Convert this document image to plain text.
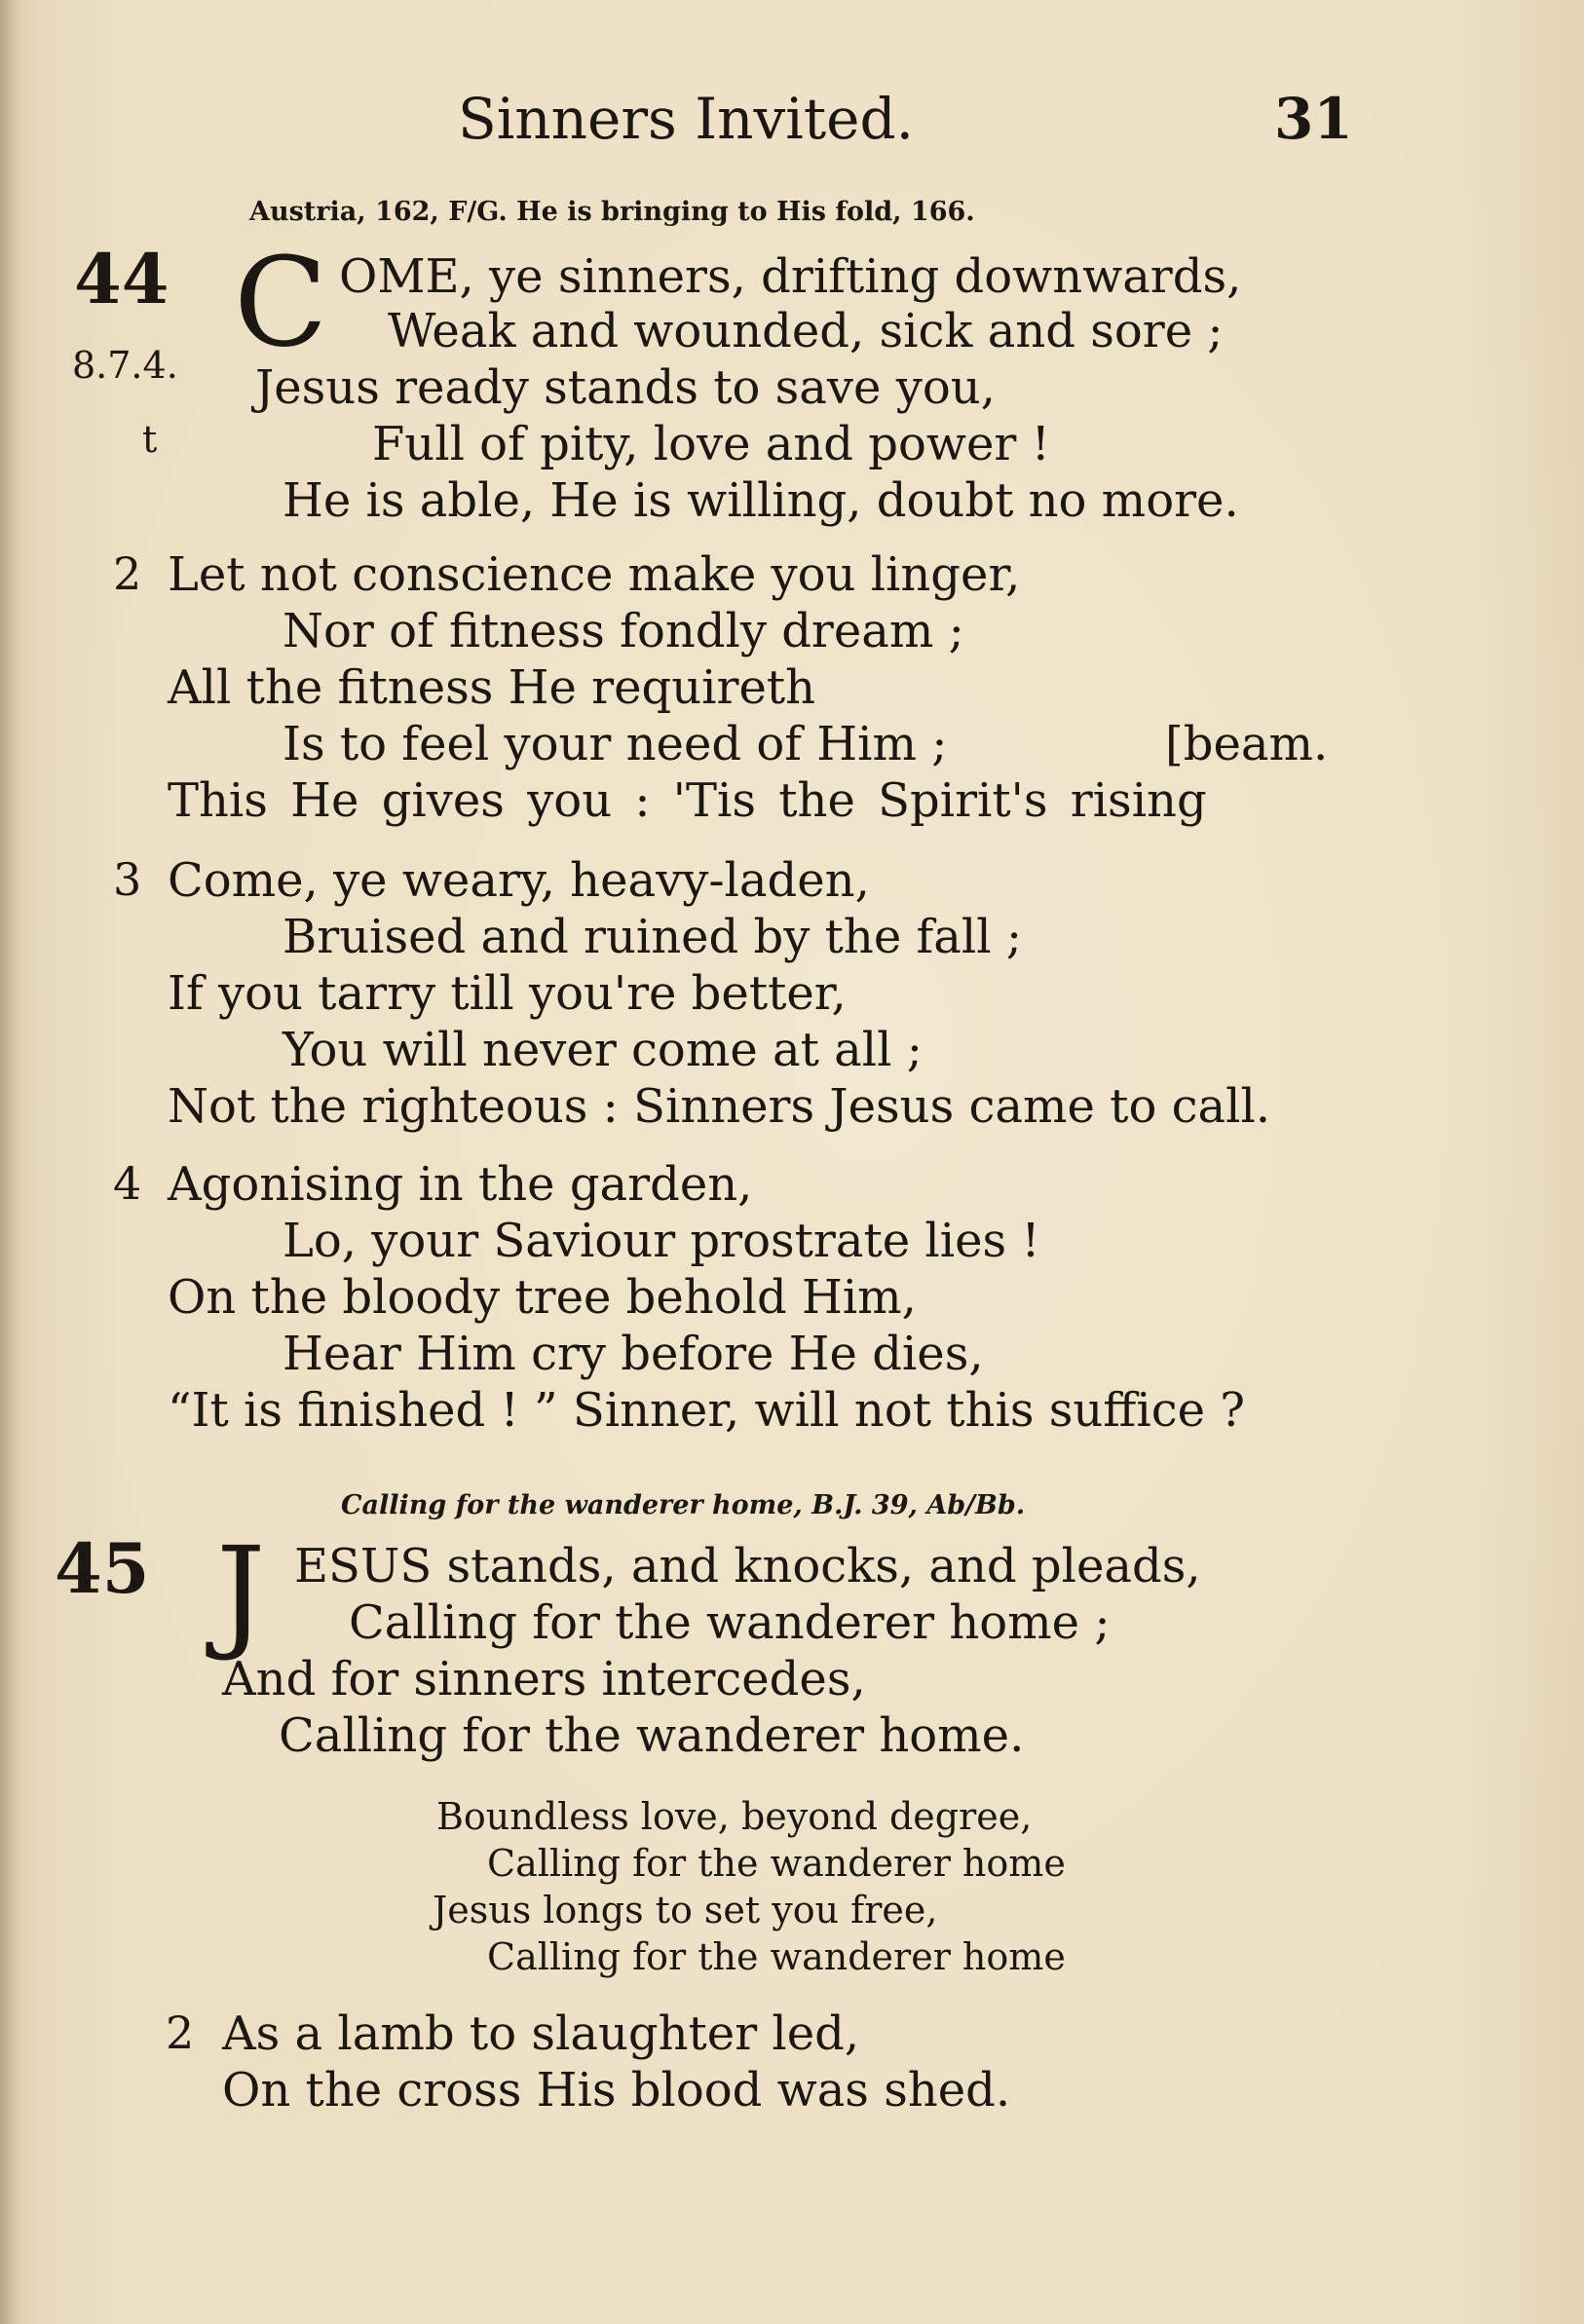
Sinners Invited.	31
Austria, 162, F/G. He is bringing to His fold, 166.
44
8.7.4.
t
C OME, ye sinners, drifting downwards,
Weak and wounded, sick and sore ;
Jesus ready stands to save you,
Full of pity, love and power !
He is able, He is willing, doubt no more.
2 Let not conscience make you linger,
Nor of fitness fondly dream ;
All the fitness He requireth
Is to feel your need of Him ;	[beam.
This He gives you : 'Tis the Spirit's rising
3 Come, ye weary, heavy-laden,
Bruised and ruined by the fall ;
If you tarry till you're better,
You will never come at all ;
Not the righteous : Sinners Jesus came to call.
4 Agonising in the garden,
Lo, your Saviour prostrate lies !
On the bloody tree behold Him,
Hear Him cry before He dies,
“It is finished ! ” Sinner, will not this suffice ?
Calling for the wanderer home, B.J. 39, Ab/Bb.
45 J ESUS stands, and knocks, and pleads,
Calling for the wanderer home ;
And for sinners intercedes,
Calling for the wanderer home.
Boundless love, beyond degree,
Calling for the wanderer home
Jesus longs to set you free,
Calling for the wanderer home
2 As a lamb to slaughter led,
On the cross His blood was shed.
